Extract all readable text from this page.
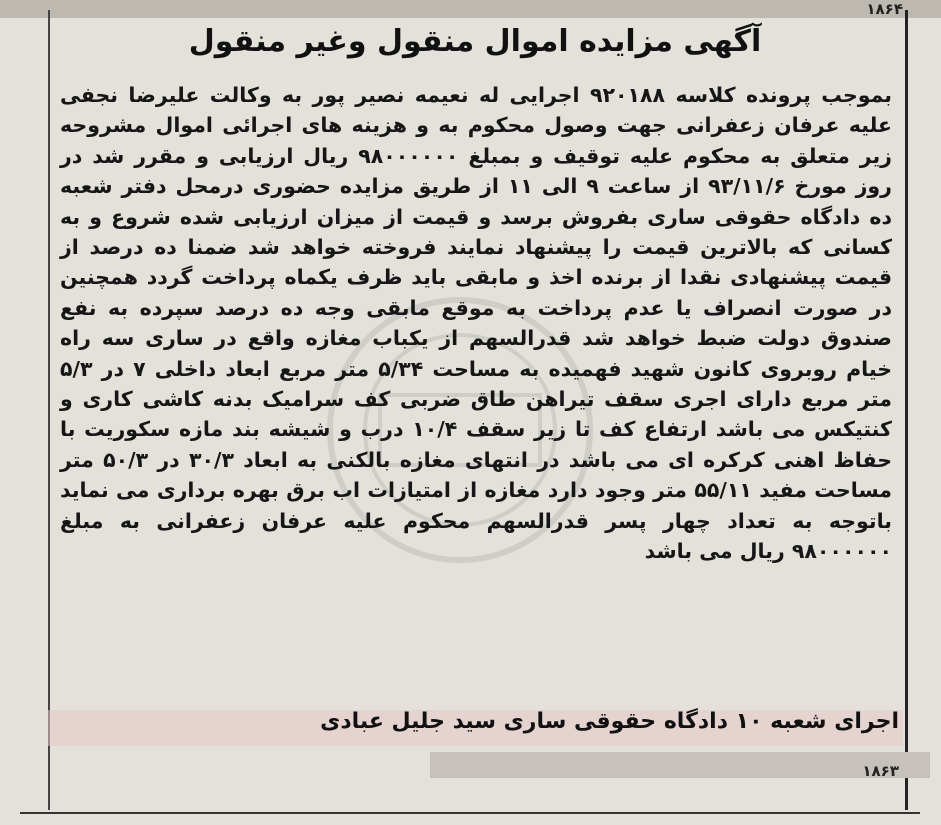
۱۸۶۴
آگهی مزایده اموال منقول وغیر منقول
بموجب پرونده کلاسه ۹۲۰۱۸۸ اجرایی له نعیمه نصیر پور به وکالت علیرضا نجفی علیه عرفان زعفرانی جهت وصول محکوم به و هزینه های اجرائی اموال مشروحه زیر متعلق به محکوم علیه توقیف و بمبلغ ۹۸۰۰۰۰۰۰ ریال ارزیابی و مقرر شد در روز مورخ ۹۳/۱۱/۶ از ساعت ۹ الی ۱۱ از طریق مزایده حضوری درمحل دفتر شعبه ده دادگاه حقوقی ساری بفروش برسد و قیمت از میزان ارزیابی شده شروع و به کسانی که بالاترین قیمت را پیشنهاد نمایند فروخته خواهد شد ضمنا ده درصد از قیمت پیشنهادی نقدا از برنده اخذ و مابقی باید ظرف یکماه پرداخت گردد همچنین در صورت انصراف یا عدم پرداخت به موقع مابقی وجه ده درصد سپرده به نفع صندوق دولت ضبط خواهد شد قدرالسهم از یکباب مغازه واقع در ساری سه راه خیام روبروی کانون شهید فهمیده به مساحت ۵/۳۴ متر مربع ابعاد داخلی ۷ در ۵/۳ متر مربع دارای اجری سقف تیراهن طاق ضربی کف سرامیک بدنه کاشی کاری و کنتیکس می باشد ارتفاع کف تا زیر سقف ۱۰/۴ درب و شیشه بند مازه سکوریت با حفاظ اهنی کرکره ای می باشد در انتهای مغازه بالکنی به ابعاد ۳۰/۳ در ۵۰/۳ متر مساحت مفید ۵۵/۱۱ متر وجود دارد مغازه از امتیازات اب برق بهره برداری می نماید باتوجه به تعداد چهار پسر قدرالسهم محکوم علیه عرفان زعفرانی به مبلغ ۹۸۰۰۰۰۰۰ ریال می باشد
اجرای شعبه ۱۰ دادگاه حقوقی ساری سید جلیل عبادی
۱۸۶۳
